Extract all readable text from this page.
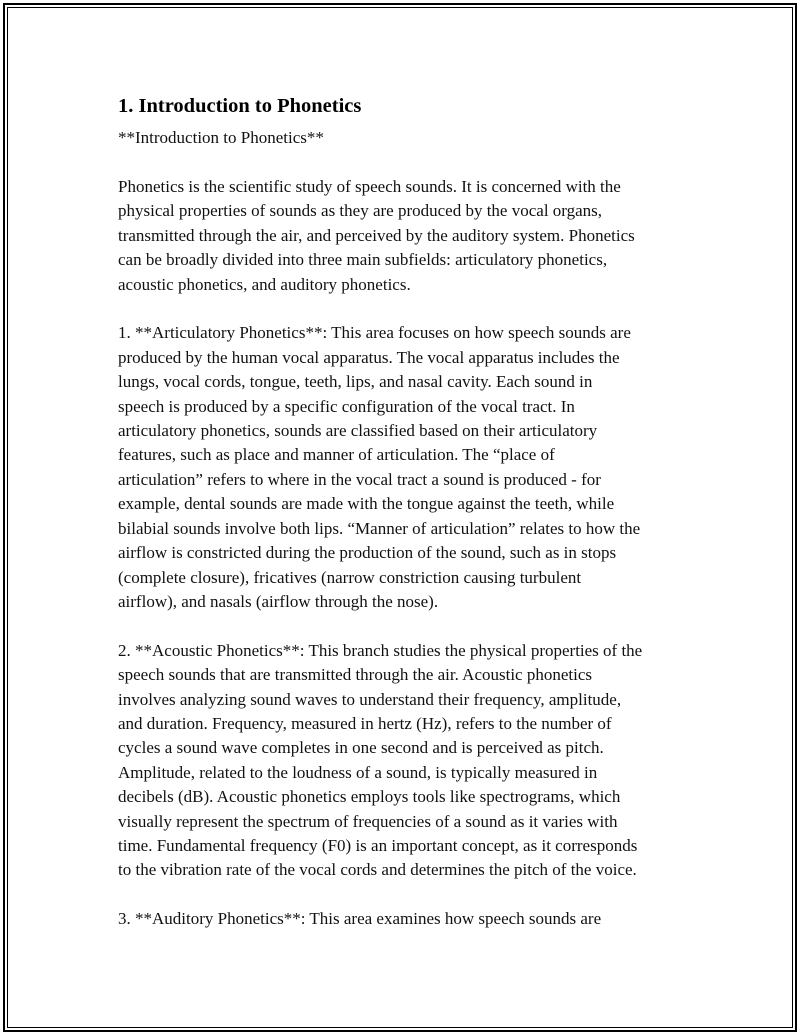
1. Introduction to Phonetics

**Introduction to Phonetics**

Phonetics is the scientific study of speech sounds. It is concerned with the
physical properties of sounds as they are produced by the vocal organs,
transmitted through the air, and perceived by the auditory system. Phonetics
can be broadly divided into three main subfields: articulatory phonetics,
acoustic phonetics, and auditory phonetics.

1. **Articulatory Phonetics**: This area focuses on how speech sounds are
produced by the human vocal apparatus. The vocal apparatus includes the
lungs, vocal cords, tongue, teeth, lips, and nasal cavity. Each sound in
speech is produced by a specific configuration of the vocal tract. In
articulatory phonetics, sounds are classified based on their articulatory
features, such as place and manner of articulation. The “place of
articulation” refers to where in the vocal tract a sound is produced - for
example, dental sounds are made with the tongue against the teeth, while
bilabial sounds involve both lips. “Manner of articulation” relates to how the
airflow is constricted during the production of the sound, such as in stops
(complete closure), fricatives (narrow constriction causing turbulent
airflow), and nasals (airflow through the nose).

2. **Acoustic Phonetics**: This branch studies the physical properties of the
speech sounds that are transmitted through the air. Acoustic phonetics
involves analyzing sound waves to understand their frequency, amplitude,
and duration. Frequency, measured in hertz (Hz), refers to the number of
cycles a sound wave completes in one second and is perceived as pitch.
Amplitude, related to the loudness of a sound, is typically measured in
decibels (dB). Acoustic phonetics employs tools like spectrograms, which
visually represent the spectrum of frequencies of a sound as it varies with
time. Fundamental frequency (F0) is an important concept, as it corresponds
to the vibration rate of the vocal cords and determines the pitch of the voice.

3. **Auditory Phonetics**: This area examines how speech sounds are
